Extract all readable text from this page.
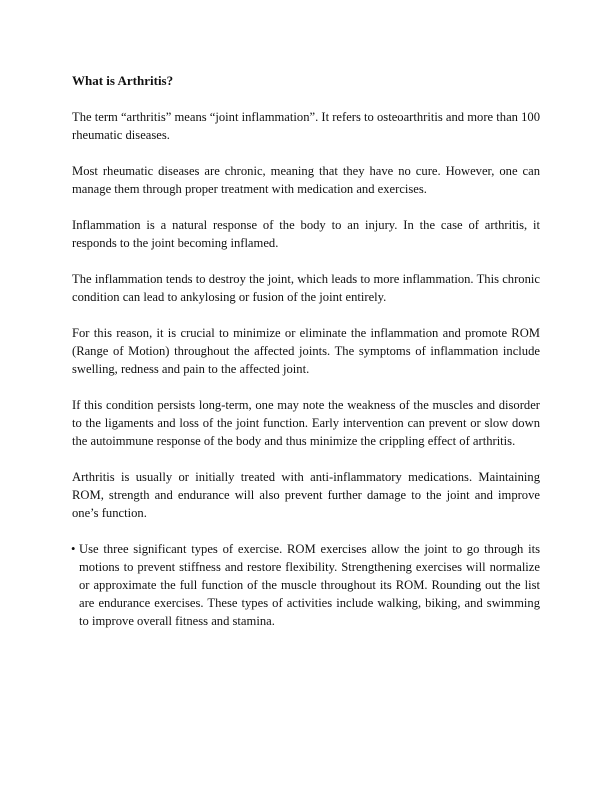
What is Arthritis?

The term “arthritis” means “joint inflammation”. It refers to osteoarthritis and more than 100 rheumatic diseases.

Most rheumatic diseases are chronic, meaning that they have no cure. However, one can manage them through proper treatment with medication and exercises.

Inflammation is a natural response of the body to an injury. In the case of arthritis, it responds to the joint becoming inflamed.

The inflammation tends to destroy the joint, which leads to more inflammation. This chronic condition can lead to ankylosing or fusion of the joint entirely.

For this reason, it is crucial to minimize or eliminate the inflammation and promote ROM (Range of Motion) throughout the affected joints. The symptoms of inflammation include swelling, redness and pain to the affected joint.

If this condition persists long-term, one may note the weakness of the muscles and disorder to the ligaments and loss of the joint function. Early intervention can prevent or slow down the autoimmune response of the body and thus minimize the crippling effect of arthritis.

Arthritis is usually or initially treated with anti-inflammatory medications. Maintaining ROM, strength and endurance will also prevent further damage to the joint and improve one’s function.

• Use three significant types of exercise. ROM exercises allow the joint to go through its motions to prevent stiffness and restore flexibility. Strengthening exercises will normalize or approximate the full function of the muscle throughout its ROM. Rounding out the list are endurance exercises. These types of activities include walking, biking, and swimming to improve overall fitness and stamina.
